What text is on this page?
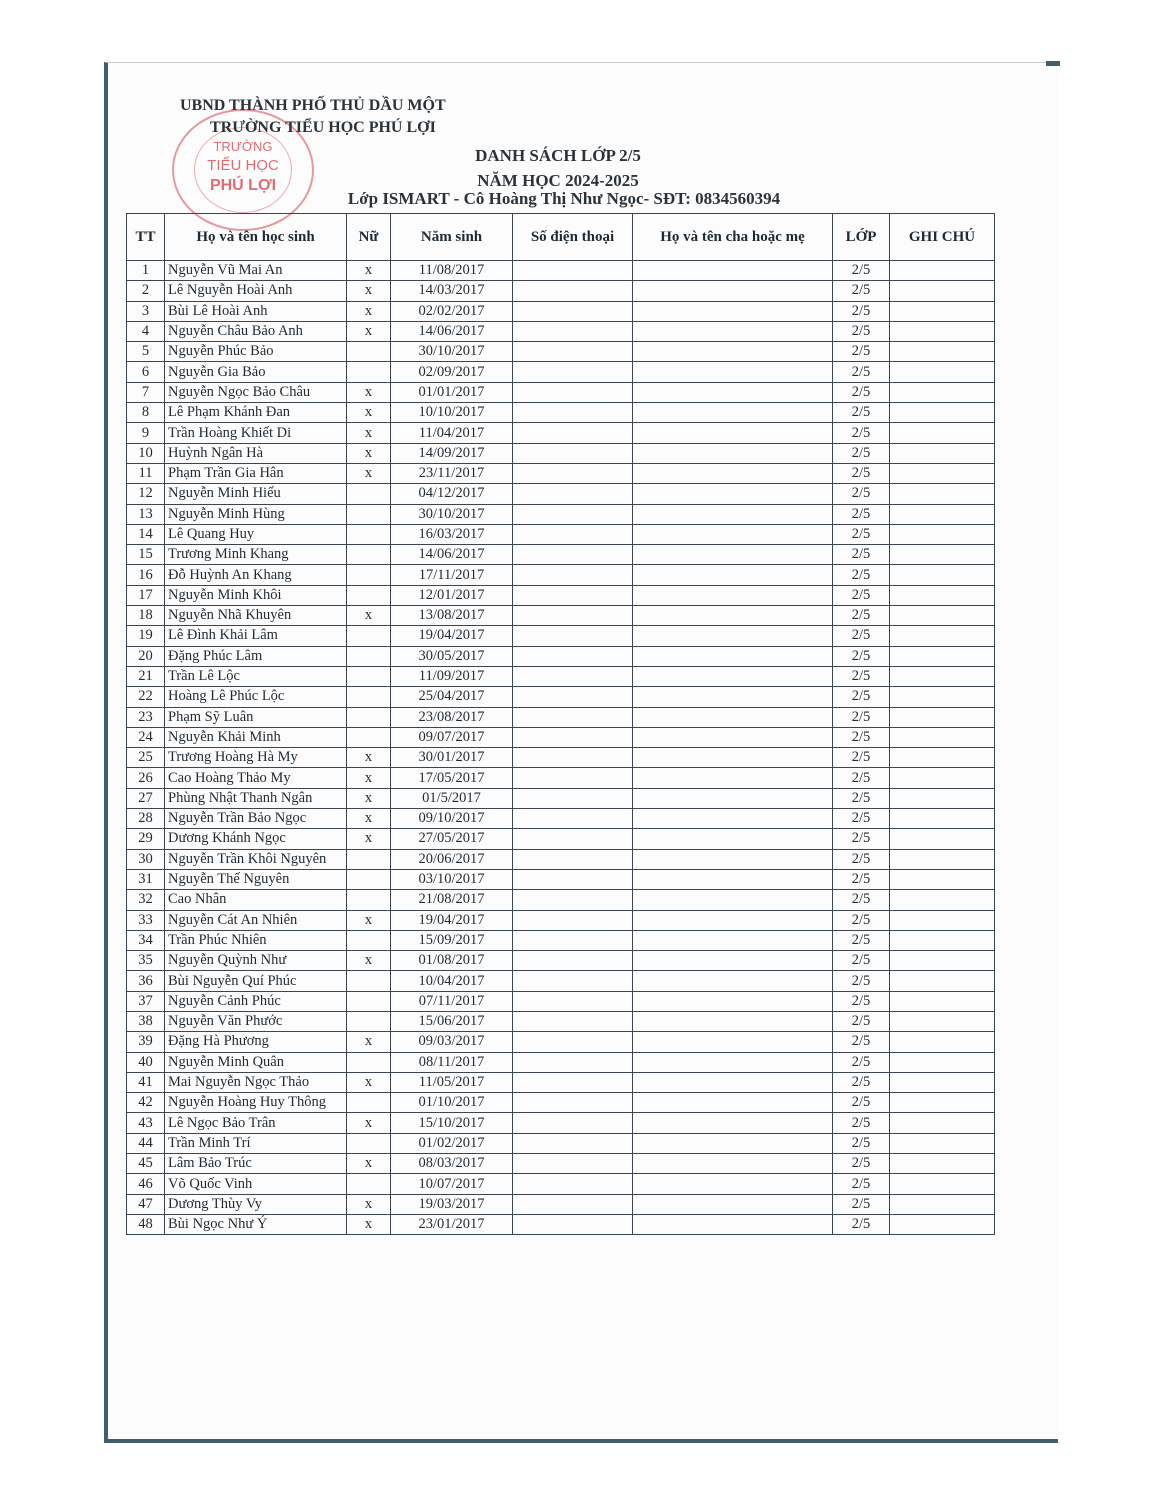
TRƯỜNG
TIỂU HỌC
PHÚ LỢI
UBND THÀNH PHỐ THỦ DẦU MỘT
TRƯỜNG TIỂU HỌC PHÚ LỢI
DANH SÁCH LỚP 2/5
NĂM HỌC 2024-2025
Lớp ISMART - Cô Hoàng Thị Như Ngọc- SĐT: 0834560394
TT	Họ và tên học sinh	Nữ	Năm sinh	Số điện thoại	Họ và tên cha hoặc mẹ	LỚP	GHI CHÚ
1	Nguyễn Vũ Mai An	x	11/08/2017			2/5	
2	Lê Nguyễn Hoài Anh	x	14/03/2017			2/5	
3	Bùi Lê Hoài Anh	x	02/02/2017			2/5	
4	Nguyễn Châu Bảo Anh	x	14/06/2017			2/5	
5	Nguyễn Phúc Bảo		30/10/2017			2/5	
6	Nguyễn Gia Bảo		02/09/2017			2/5	
7	Nguyễn Ngọc Bảo Châu	x	01/01/2017			2/5	
8	Lê Phạm Khánh Đan	x	10/10/2017			2/5	
9	Trần Hoàng Khiết Di	x	11/04/2017			2/5	
10	Huỳnh Ngân Hà	x	14/09/2017			2/5	
11	Phạm Trần Gia Hân	x	23/11/2017			2/5	
12	Nguyễn Minh Hiếu		04/12/2017			2/5	
13	Nguyễn Minh Hùng		30/10/2017			2/5	
14	Lê Quang Huy		16/03/2017			2/5	
15	Trương Minh Khang		14/06/2017			2/5	
16	Đỗ Huỳnh An Khang		17/11/2017			2/5	
17	Nguyễn Minh Khôi		12/01/2017			2/5	
18	Nguyễn Nhã Khuyên	x	13/08/2017			2/5	
19	Lê Đình Khải Lâm		19/04/2017			2/5	
20	Đặng Phúc Lâm		30/05/2017			2/5	
21	Trần Lê Lộc		11/09/2017			2/5	
22	Hoàng Lê Phúc Lộc		25/04/2017			2/5	
23	Phạm Sỹ Luân		23/08/2017			2/5	
24	Nguyễn Khải Minh		09/07/2017			2/5	
25	Trương Hoàng Hà My	x	30/01/2017			2/5	
26	Cao Hoàng Thảo My	x	17/05/2017			2/5	
27	Phùng Nhật Thanh Ngân	x	01/5/2017			2/5	
28	Nguyễn Trần Bảo Ngọc	x	09/10/2017			2/5	
29	Dương Khánh Ngọc	x	27/05/2017			2/5	
30	Nguyễn Trần Khôi Nguyên		20/06/2017			2/5	
31	Nguyễn Thế Nguyên		03/10/2017			2/5	
32	Cao Nhân		21/08/2017			2/5	
33	Nguyễn Cát An Nhiên	x	19/04/2017			2/5	
34	Trần Phúc Nhiên		15/09/2017			2/5	
35	Nguyễn Quỳnh Như	x	01/08/2017			2/5	
36	Bùi Nguyễn Quí Phúc		10/04/2017			2/5	
37	Nguyễn Cảnh Phúc		07/11/2017			2/5	
38	Nguyễn Văn Phước		15/06/2017			2/5	
39	Đặng Hà Phương	x	09/03/2017			2/5	
40	Nguyễn Minh Quân		08/11/2017			2/5	
41	Mai Nguyễn Ngọc Thảo	x	11/05/2017			2/5	
42	Nguyễn Hoàng Huy Thông		01/10/2017			2/5	
43	Lê Ngọc Bảo Trân	x	15/10/2017			2/5	
44	Trần Minh Trí		01/02/2017			2/5	
45	Lâm Bảo Trúc	x	08/03/2017			2/5	
46	Võ Quốc Vinh		10/07/2017			2/5	
47	Dương Thùy Vy	x	19/03/2017			2/5	
48	Bùi Ngọc Như Ý	x	23/01/2017			2/5	
